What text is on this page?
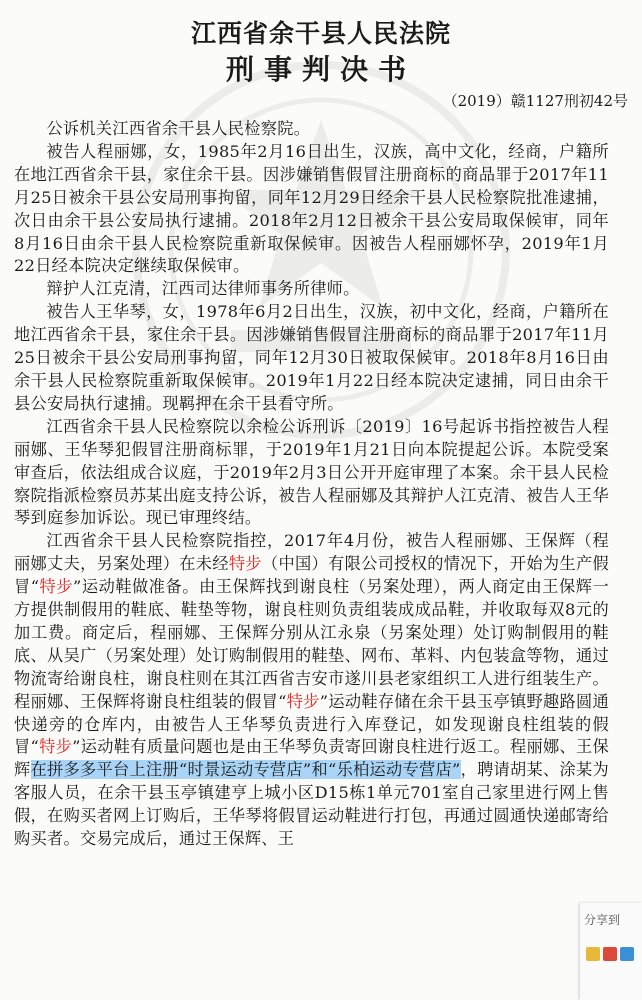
江西省余干县人民法院
刑事判决书
（2019）赣1127刑初42号

公诉机关江西省余干县人民检察院。

被告人程丽娜，女，1985年2月16日出生，汉族，高中文化，经商，户籍所在地江西省余干县，家住余干县。因涉嫌销售假冒注册商标的商品罪于2017年11月25日被余干县公安局刑事拘留，同年12月29日经余干县人民检察院批准逮捕，次日由余干县公安局执行逮捕。2018年2月12日被余干县公安局取保候审，同年8月16日由余干县人民检察院重新取保候审。因被告人程丽娜怀孕，2019年1月22日经本院决定继续取保候审。

辩护人江克清，江西司达律师事务所律师。

被告人王华琴，女，1978年6月2日出生，汉族，初中文化，经商，户籍所在地江西省余干县，家住余干县。因涉嫌销售假冒注册商标的商品罪于2017年11月25日被余干县公安局刑事拘留，同年12月30日被取保候审。2018年8月16日由余干县人民检察院重新取保候审。2019年1月22日经本院决定逮捕，同日由余干县公安局执行逮捕。现羁押在余干县看守所。

江西省余干县人民检察院以余检公诉刑诉〔2019〕16号起诉书指控被告人程丽娜、王华琴犯假冒注册商标罪，于2019年1月21日向本院提起公诉。本院受案审查后，依法组成合议庭，于2019年2月3日公开开庭审理了本案。余干县人民检察院指派检察员苏某出庭支持公诉，被告人程丽娜及其辩护人江克清、被告人王华琴到庭参加诉讼。现已审理终结。

江西省余干县人民检察院指控，2017年4月份，被告人程丽娜、王保辉（程丽娜丈夫，另案处理）在未经特步（中国）有限公司授权的情况下，开始为生产假冒“特步”运动鞋做准备。由王保辉找到谢良柱（另案处理），两人商定由王保辉一方提供制假用的鞋底、鞋垫等物，谢良柱则负责组装成成品鞋，并收取每双8元的加工费。商定后，程丽娜、王保辉分别从江永泉（另案处理）处订购制假用的鞋底、从吴广（另案处理）处订购制假用的鞋垫、网布、革料、内包装盒等物，通过物流寄给谢良柱，谢良柱则在其江西省吉安市遂川县老家组织工人进行组装生产。程丽娜、王保辉将谢良柱组装的假冒“特步”运动鞋存储在余干县玉亭镇野趣路圆通快递旁的仓库内，由被告人王华琴负责进行入库登记，如发现谢良柱组装的假冒“特步”运动鞋有质量问题也是由王华琴负责寄回谢良柱进行返工。程丽娜、王保辉在拼多多平台上注册“时景运动专营店”和“乐柏运动专营店”，聘请胡某、涂某为客服人员，在余干县玉亭镇建亨上城小区D15栋1单元701室自己家里进行网上售假，在购买者网上订购后，王华琴将假冒运动鞋进行打包，再通过圆通快递邮寄给购买者。交易完成后，通过王保辉、王

分享到
